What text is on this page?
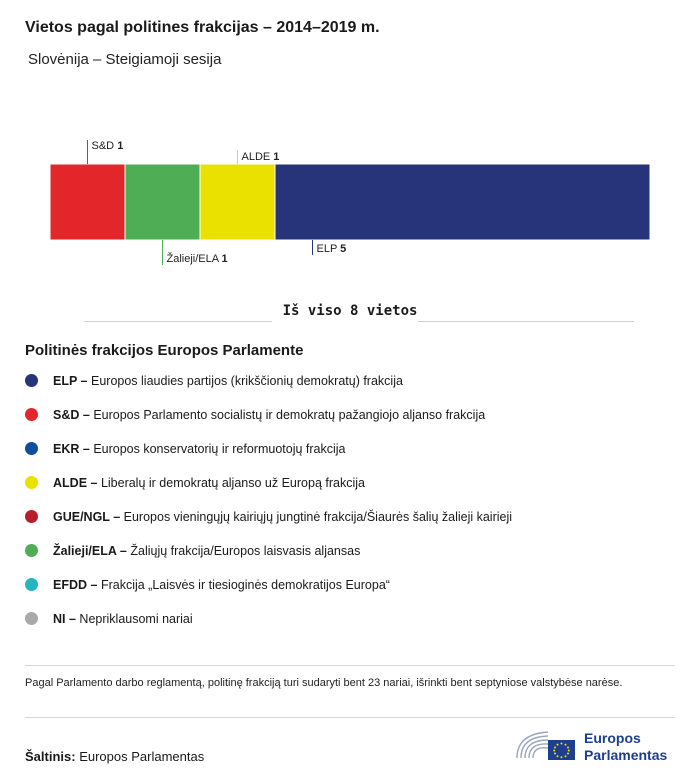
Vietos pagal politines frakcijas – 2014–2019 m.
Slovėnija – Steigiamoji sesija
S&D 1
Žalieji/ELA 1
ALDE 1
ELP 5
Iš viso 8 vietos
Politinės frakcijos Europos Parlamente
ELP – Europos liaudies partijos (krikščionių demokratų) frakcija
S&D – Europos Parlamento socialistų ir demokratų pažangiojo aljanso frakcija
EKR – Europos konservatorių ir reformuotojų frakcija
ALDE – Liberalų ir demokratų aljanso už Europą frakcija
GUE/NGL – Europos vieningųjų kairiųjų jungtinė frakcija/Šiaurės šalių žalieji kairieji
Žalieji/ELA – Žaliųjų frakcija/Europos laisvasis aljansas
EFDD – Frakcija „Laisvės ir tiesioginės demokratijos Europa“
NI – Nepriklausomi nariai
Pagal Parlamento darbo reglamentą, politinę frakciją turi sudaryti bent 23 nariai, išrinkti bent septyniose valstybėse narėse.
Šaltinis: Europos Parlamentas
Europos
Parlamentas
